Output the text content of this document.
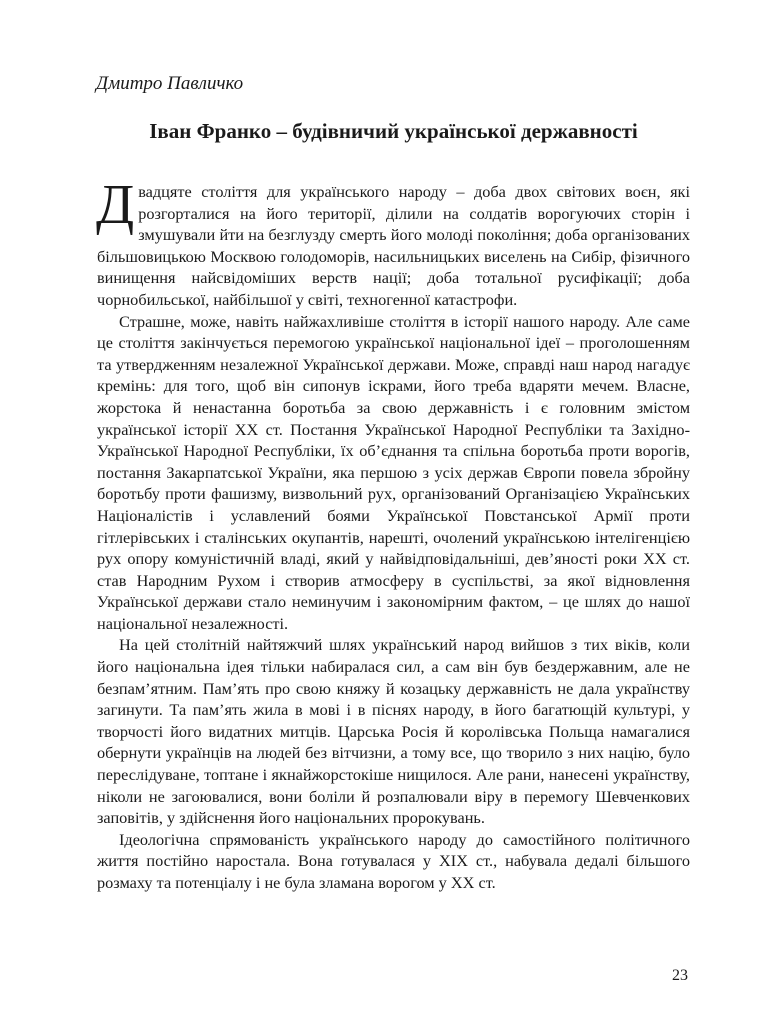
Дмитро Павличко
Іван Франко – будівничий української державності

Двадцяте століття для українського народу – доба двох світових воєн, які розгорталися на його території, ділили на солдатів ворогуючих сторін і змушували йти на безглузду смерть його молоді покоління; доба організованих більшовицькою Москвою голодоморів, насильницьких виселень на Сибір, фізичного винищення найсвідоміших верств нації; доба тотальної русифікації; доба чорнобильської, найбільшої у світі, техногенної катастрофи.

Страшне, може, навіть найжахливіше століття в історії нашого народу. Але саме це століття закінчується перемогою української національної ідеї – проголошенням та утвердженням незалежної Української держави. Може, справді наш народ нагадує кремінь: для того, щоб він сипонув іскрами, його треба вдаряти мечем. Власне, жорстока й ненастанна боротьба за свою державність і є головним змістом української історії ХХ ст. Постання Української Народної Республіки та Західно-Української Народної Республіки, їх об’єднання та спільна боротьба проти ворогів, постання Закарпатської України, яка першою з усіх держав Європи повела збройну боротьбу проти фашизму, визвольний рух, організований Організацією Українських Націоналістів і уславлений боями Української Повстанської Армії проти гітлерівських і сталінських окупантів, нарешті, очолений українською інтелігенцією рух опору комуністичній владі, який у найвідповідальніші, дев’яності роки ХХ ст. став Народним Рухом і створив атмосферу в суспільстві, за якої відновлення Української держави стало неминучим і закономірним фактом, – це шлях до нашої національної незалежності.

На цей столітній найтяжчий шлях український народ вийшов з тих віків, коли його національна ідея тільки набиралася сил, а сам він був бездержавним, але не безпам’ятним. Пам’ять про свою княжу й козацьку державність не дала українству загинути. Та пам’ять жила в мові і в піснях народу, в його багатющій культурі, у творчості його видатних митців. Царська Росія й королівська Польща намагалися обернути українців на людей без вітчизни, а тому все, що творило з них націю, було переслідуване, топтане і якнайжорстокіше нищилося. Але рани, нанесені українству, ніколи не загоювалися, вони боліли й розпалювали віру в перемогу Шевченкових заповітів, у здійснення його національних пророкувань.

Ідеологічна спрямованість українського народу до самостійного політичного життя постійно наростала. Вона готувалася у ХІХ ст., набувала дедалі більшого розмаху та потенціалу і не була зламана ворогом у ХХ ст.

23
